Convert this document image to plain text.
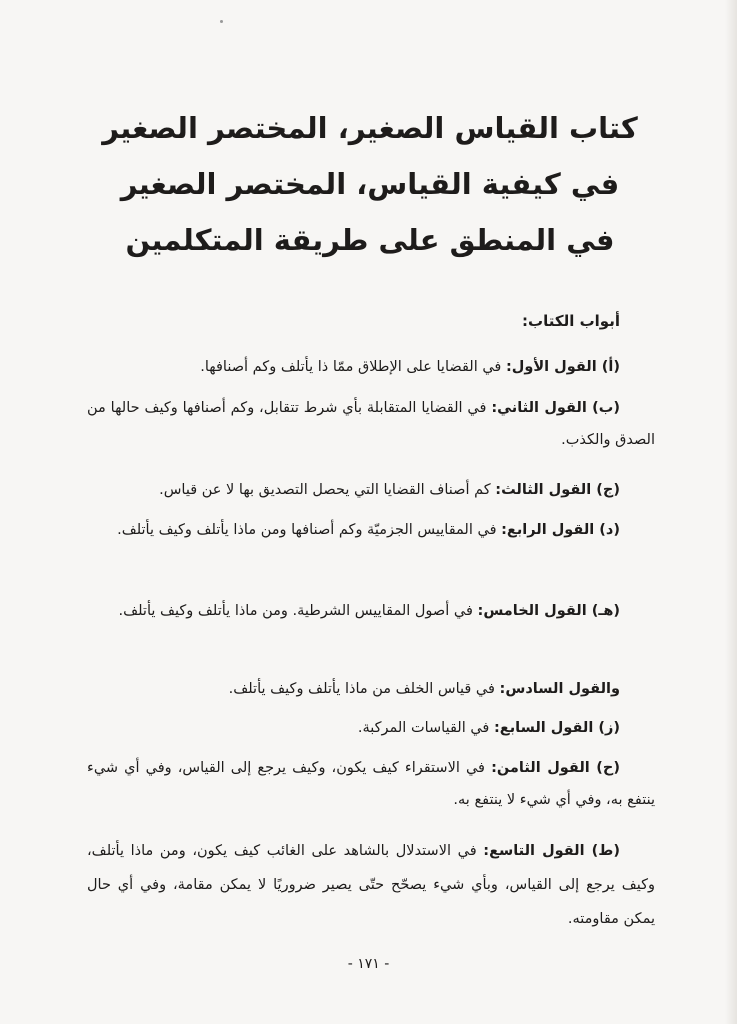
كتاب القياس الصغير، المختصر الصغير في كيفية القياس، المختصر الصغير في المنطق على طريقة المتكلمين
أبواب الكتاب:
(أ) القول الأول: في القضايا على الإطلاق ممّا ذا يأتلف وكم أصنافها.
(ب) القول الثاني: في القضايا المتقابلة بأي شرط تتقابل، وكم أصنافها وكيف حالها من الصدق والكذب.
(ج) القول الثالث: كم أصناف القضايا التي يحصل التصديق بها لا عن قياس.
(د) القول الرابع: في المقاييس الجزميّة وكم أصنافها ومن ماذا يأتلف وكيف يأتلف.
(هـ) القول الخامس: في أصول المقاييس الشرطية. ومن ماذا يأتلف وكيف يأتلف.
والقول السادس: في قياس الخلف من ماذا يأتلف وكيف يأتلف.
(ز) القول السابع: في القياسات المركبة.
(ح) القول الثامن: في الاستقراء كيف يكون، وكيف يرجع إلى القياس، وفي أي شيء ينتفع به، وفي أي شيء لا ينتفع به.
(ط) القول التاسع: في الاستدلال بالشاهد على الغائب كيف يكون، ومن ماذا يأتلف، وكيف يرجع إلى القياس، وبأي شيء يصحّح حتّى يصير ضروريًا لا يمكن مقامة، وفي أي حال يمكن مقاومته.
- ١٧١ -
